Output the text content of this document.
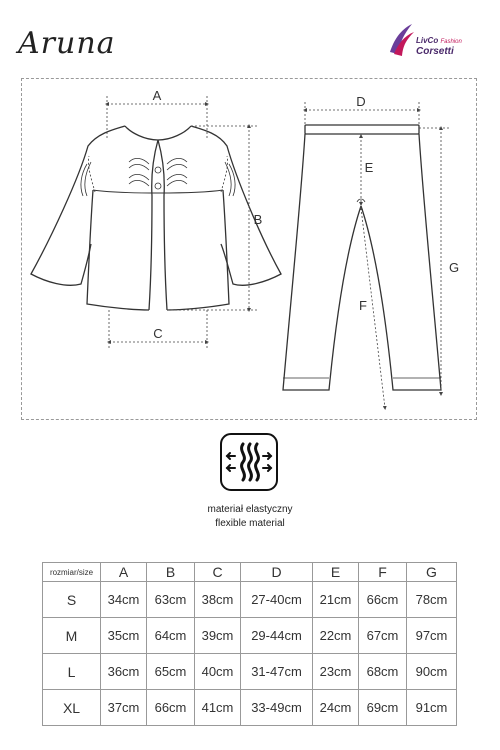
Aruna	LivCo Fashion
Corsetti
A
B
C
D
E
F
G
materiał elastyczny
flexible material
rozmiar/size	A	B	C	D	E	F	G
S	34cm	63cm	38cm	27-40cm	21cm	66cm	78cm
M	35cm	64cm	39cm	29-44cm	22cm	67cm	97cm
L	36cm	65cm	40cm	31-47cm	23cm	68cm	90cm
XL	37cm	66cm	41cm	33-49cm	24cm	69cm	91cm
